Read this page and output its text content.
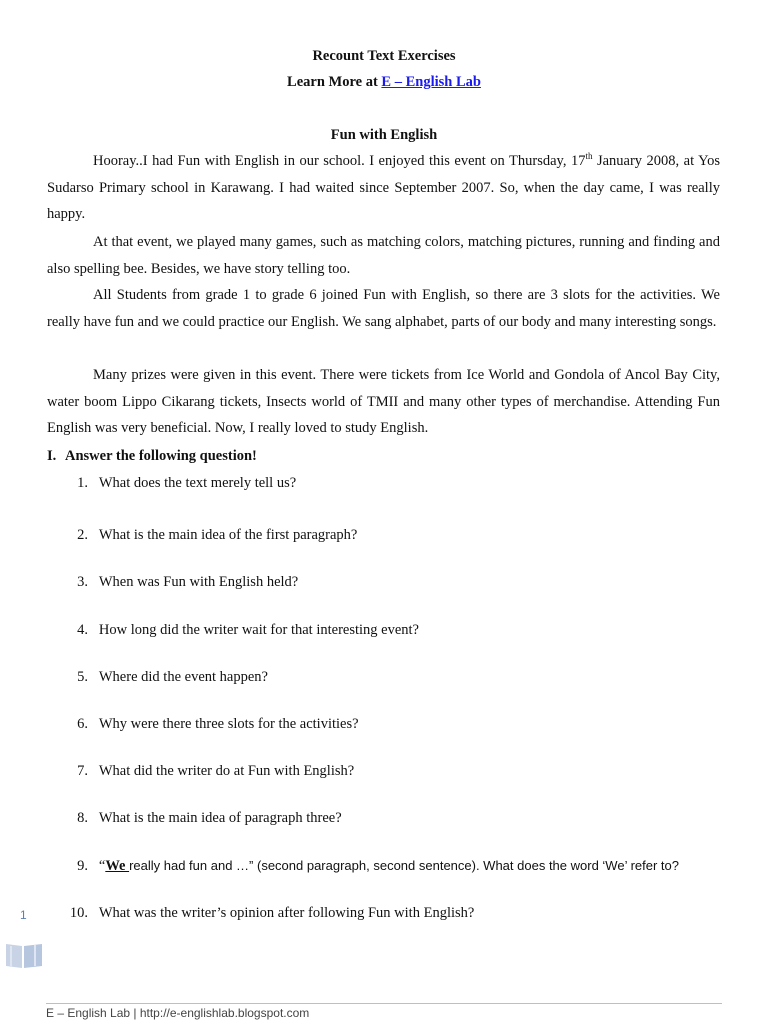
Recount Text Exercises
Learn More at E – English Lab
Fun with English

Hooray..I had Fun with English in our school. I enjoyed this event on Thursday, 17th January 2008, at Yos Sudarso Primary school in Karawang. I had waited since September 2007. So, when the day came, I was really happy.

At that event, we played many games, such as matching colors, matching pictures, running and finding and also spelling bee. Besides, we have story telling too.

All Students from grade 1 to grade 6 joined Fun with English, so there are 3 slots for the activities. We really have fun and we could practice our English. We sang alphabet, parts of our body and many interesting songs.

Many prizes were given in this event. There were tickets from Ice World and Gondola of Ancol Bay City, water boom Lippo Cikarang tickets, Insects world of TMII and many other types of merchandise. Attending Fun English was very beneficial. Now, I really loved to study English.

I. Answer the following question!
1. What does the text merely tell us?
2. What is the main idea of the first paragraph?
3. When was Fun with English held?
4. How long did the writer wait for that interesting event?
5. Where did the event happen?
6. Why were there three slots for the activities?
7. What did the writer do at Fun with English?
8. What is the main idea of paragraph three?
9. “We really had fun and …” (second paragraph, second sentence). What does the word ‘We’ refer to?
10. What was the writer’s opinion after following Fun with English?
1
E – English Lab | http://e-englishlab.blogspot.com
